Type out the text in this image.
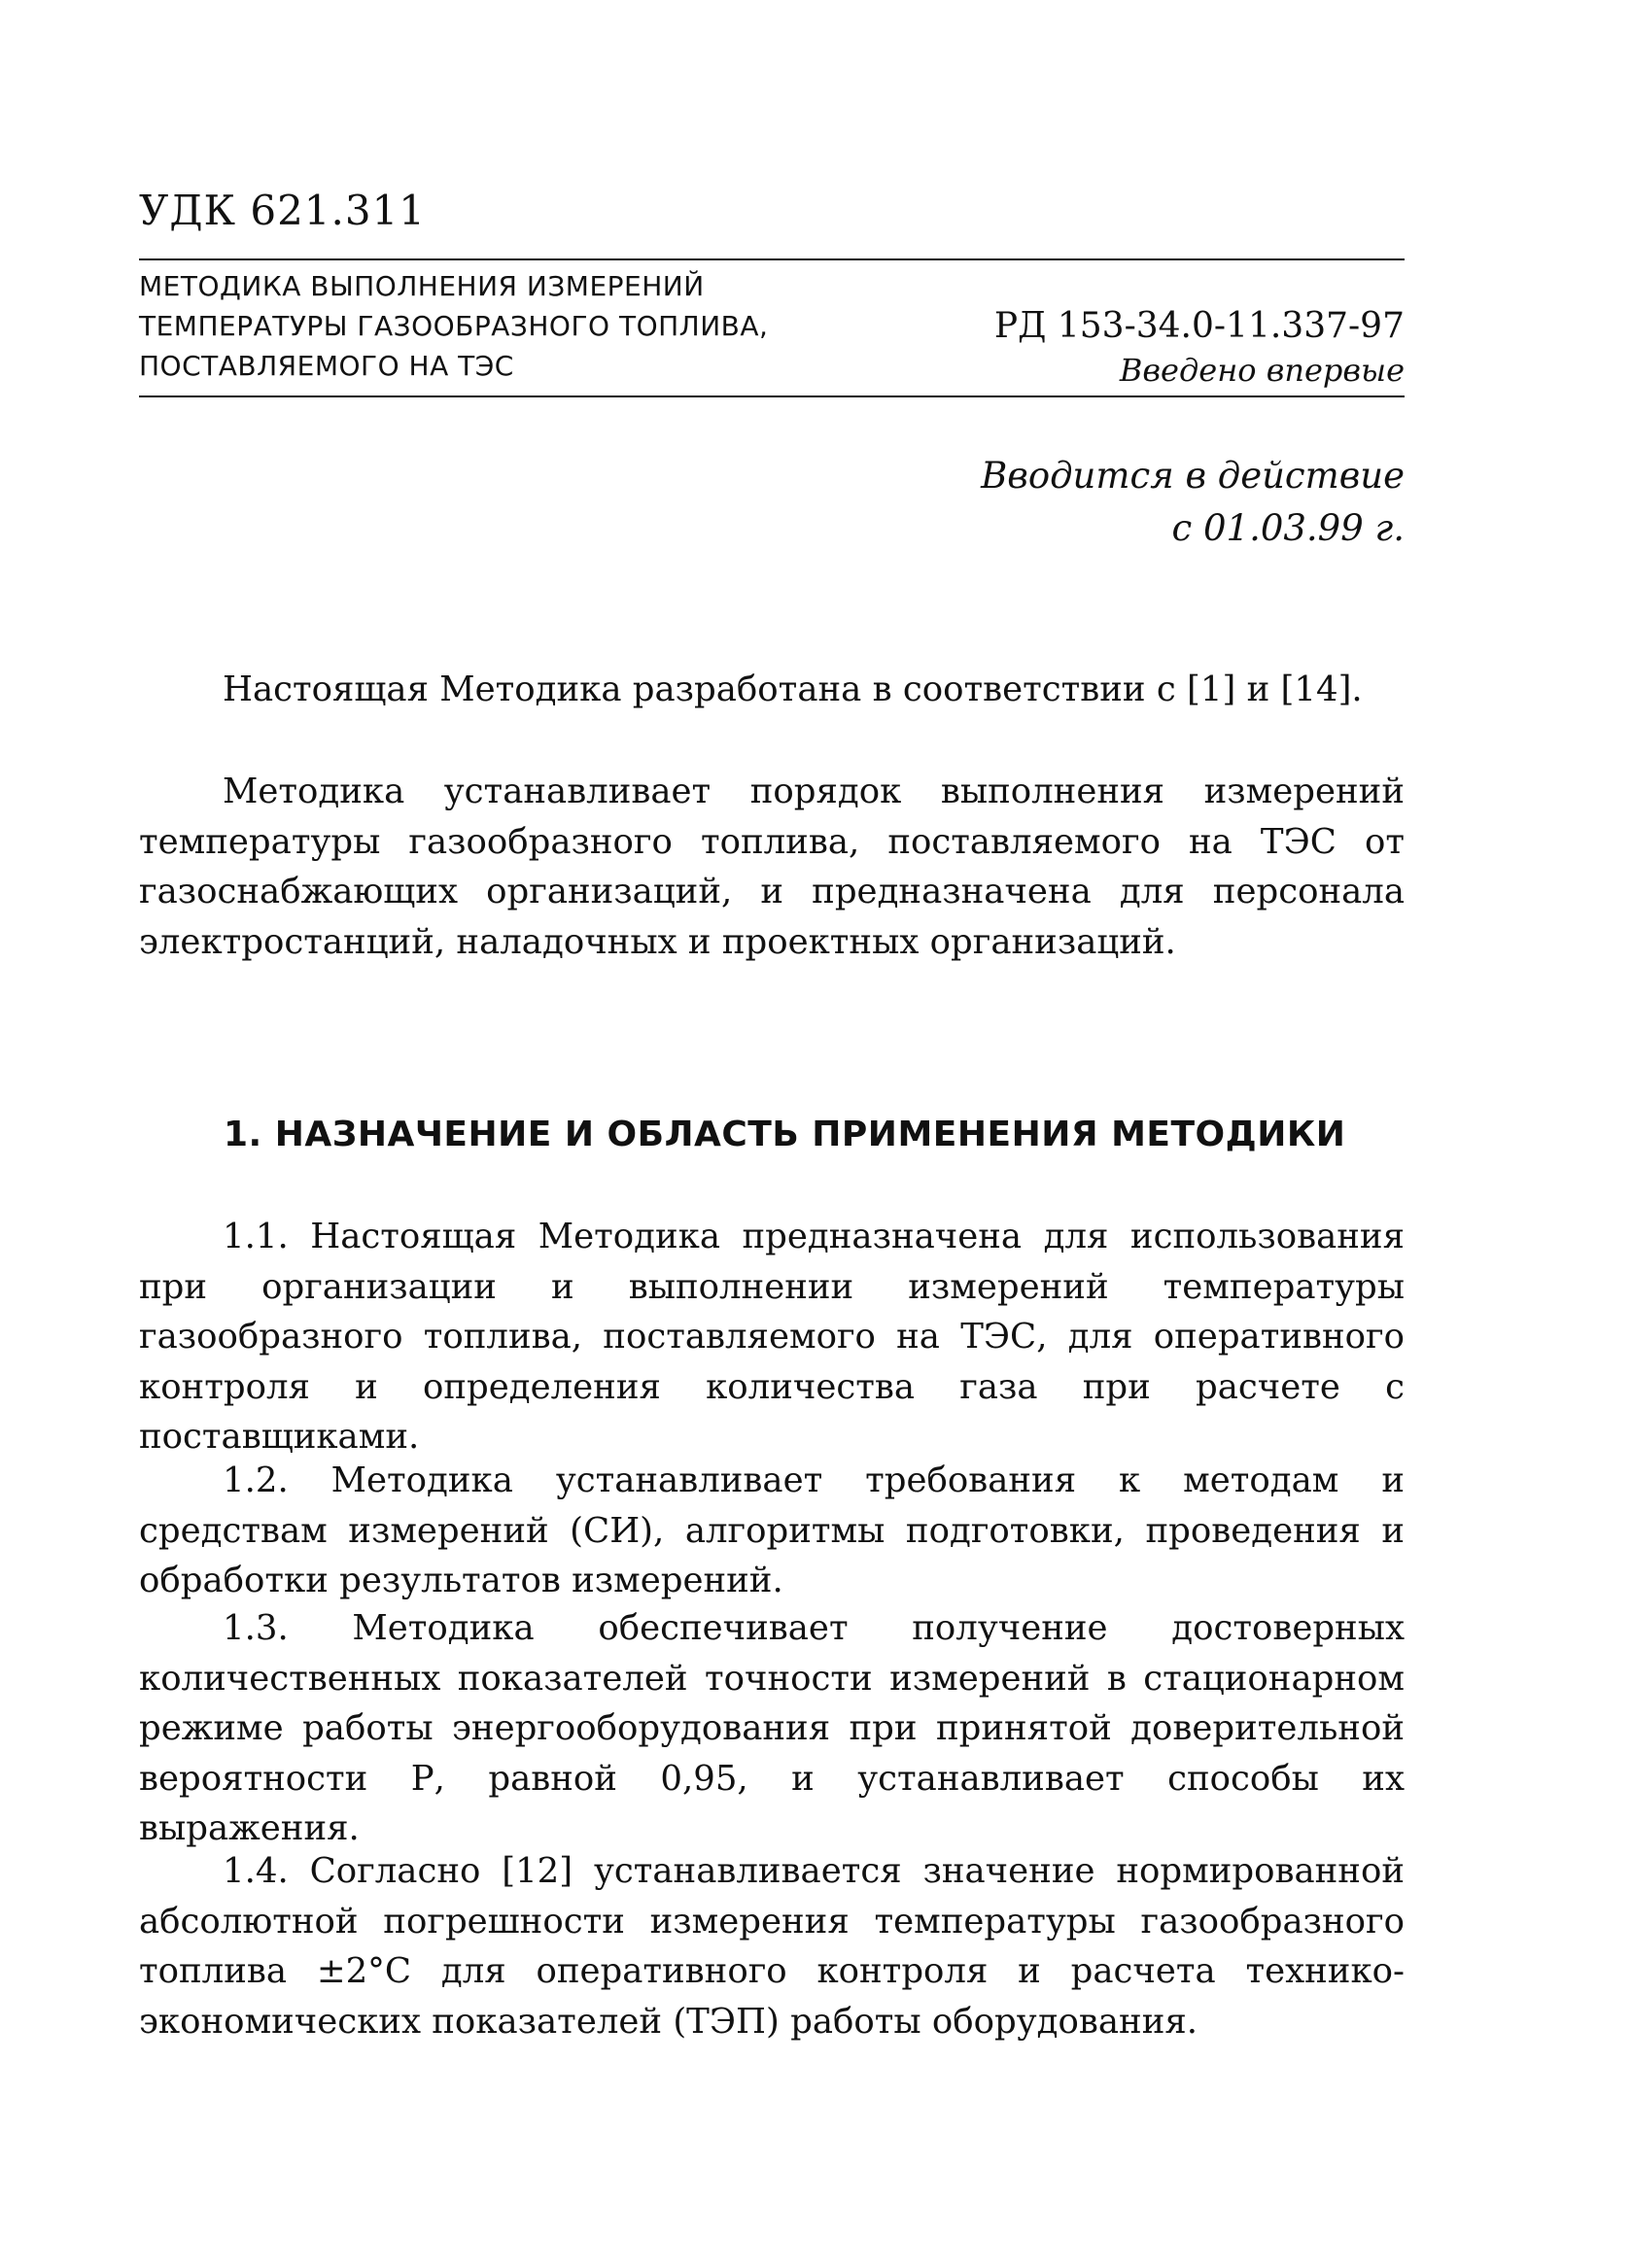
УДК 621.311
МЕТОДИКА ВЫПОЛНЕНИЯ ИЗМЕРЕНИЙ
ТЕМПЕРАТУРЫ ГАЗООБРАЗНОГО ТОПЛИВА,
ПОСТАВЛЯЕМОГО НА ТЭС
РД 153-34.0-11.337-97
Введено впервые
Вводится в действие
с 01.03.99 г.

Настоящая Методика разработана в соответствии с [1] и [14].

Методика устанавливает порядок выполнения измерений температуры газообразного топлива, поставляемого на ТЭС от газоснабжающих организаций, и предназначена для персонала электростанций, наладочных и проектных организаций.

1. НАЗНАЧЕНИЕ И ОБЛАСТЬ ПРИМЕНЕНИЯ МЕТОДИКИ

1.1. Настоящая Методика предназначена для использования при организации и выполнении измерений температуры газообразного топлива, поставляемого на ТЭС, для оперативного контроля и определения количества газа при расчете с поставщиками.

1.2. Методика устанавливает требования к методам и средствам измерений (СИ), алгоритмы подготовки, проведения и обработки результатов измерений.

1.3. Методика обеспечивает получение достоверных количественных показателей точности измерений в стационарном режиме работы энергооборудования при принятой доверительной вероятности Р, равной 0,95, и устанавливает способы их выражения.

1.4. Согласно [12] устанавливается значение нормированной абсолютной погрешности измерения температуры газообразного топлива ±2°С для оперативного контроля и расчета технико-экономических показателей (ТЭП) работы оборудования.
